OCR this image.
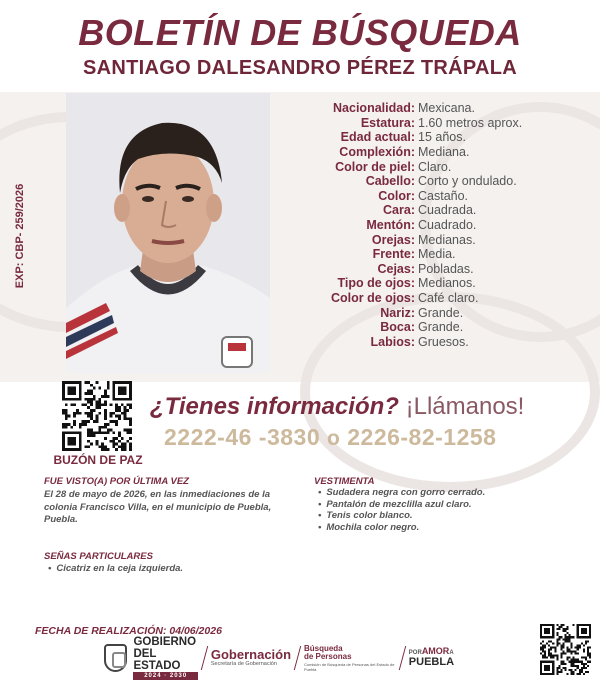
BOLETÍN DE BÚSQUEDA
SANTIAGO DALESANDRO PÉREZ TRÁPALA
EXP: CBP- 259/2026
Nacionalidad: Mexicana.
Estatura: 1.60 metros aprox.
Edad actual: 15 años.
Complexión: Mediana.
Color de piel: Claro.
Cabello: Corto y ondulado.
Color: Castaño.
Cara: Cuadrada.
Mentón: Cuadrado.
Orejas: Medianas.
Frente: Media.
Cejas: Pobladas.
Tipo de ojos: Medianos.
Color de ojos: Café claro.
Nariz: Grande.
Boca: Grande.
Labios: Gruesos.
BUZÓN DE PAZ
¿Tienes información? ¡Llámanos!
2222-46 -3830 o 2226-82-1258
FUE VISTO(A) POR ÚLTIMA VEZ
El 28 de mayo de 2026, en las inmediaciones de la colonia Francisco Villa, en el municipio de Puebla, Puebla.
VESTIMENTA
• Sudadera negra con gorro cerrado.
• Pantalón de mezclilla azul claro.
• Tenis color blanco.
• Mochila color negro.
SEÑAS PARTICULARES
• Cicatriz en la ceja izquierda.
FECHA DE REALIZACIÓN: 04/06/2026
GOBIERNO
DEL ESTADO
2024 · 2030
Gobernación
Secretaría de Gobernación
Búsqueda
de Personas
Comisión de Búsqueda de Personas del Estado de Puebla
PORAMORA
PUEBLA
